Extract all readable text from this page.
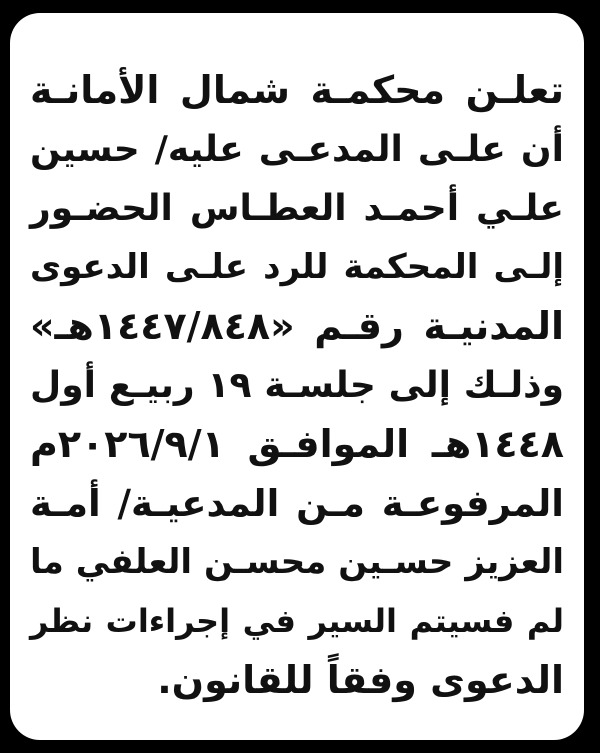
تعلـن محكمـة شمال الأمانـة
أن علـى المدعـى عليه/ حسين
علـي أحمـد العطـاس الحضـور
إلـى المحكمة للرد علـى الدعوى
المدنيـة رقـم «١٤٤٧/٨٤٨هـ»
وذلـك إلى جلسـة ١٩ ربيـع أول
١٤٤٨هـ الموافـق ٢٠٢٦/٩/١م
المرفوعـة مـن المدعيـة/ أمـة
العزيز حسـين محسـن العلفي ما
لم فسيتم السير في إجراءات نظر
الدعوى وفقاً للقانون.
